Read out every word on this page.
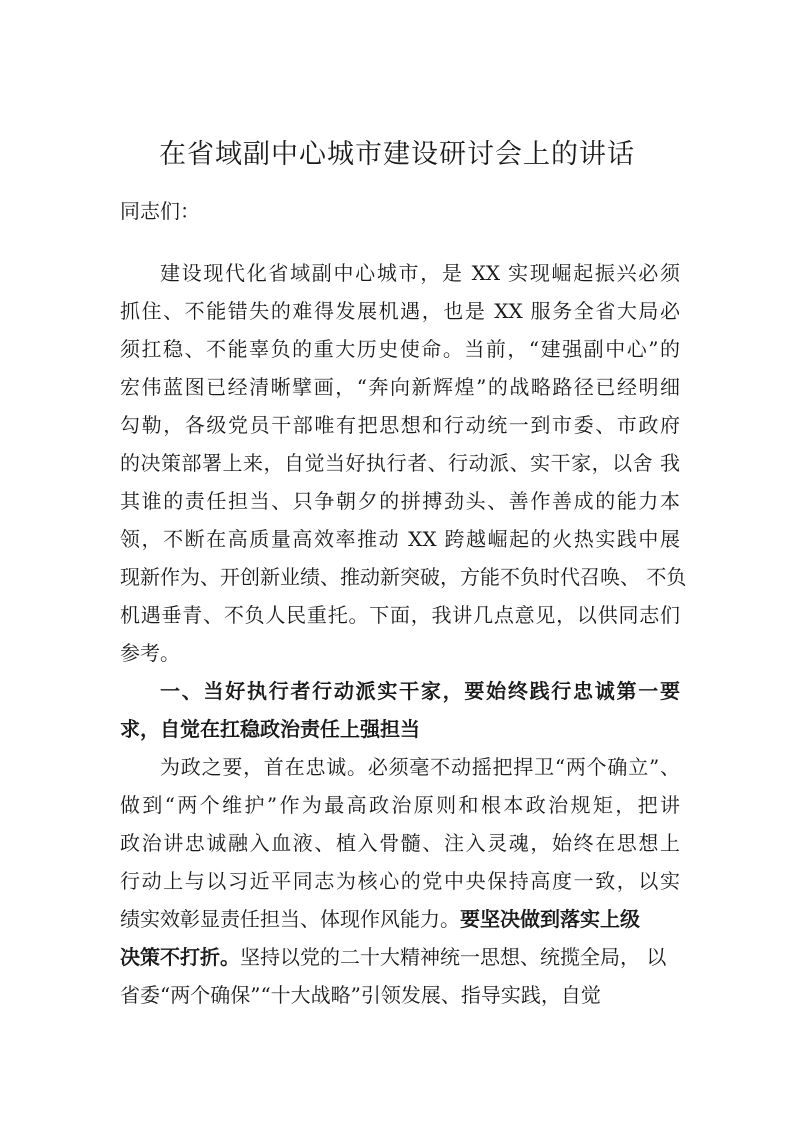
在省域副中心城市建设研讨会上的讲话
同志们：
建设现代化省域副中心城市，是 XX 实现崛起振兴必须
抓住、不能错失的难得发展机遇，也是 XX 服务全省大局必
须扛稳、不能辜负的重大历史使命。当前，“建强副中心”的
宏伟蓝图已经清晰擘画，“奔向新辉煌”的战略路径已经明细
勾勒，各级党员干部唯有把思想和行动统一到市委、市政府
的决策部署上来，自觉当好执行者、行动派、实干家，以舍 我
其谁的责任担当、只争朝夕的拼搏劲头、善作善成的能力本
领，不断在高质量高效率推动 XX 跨越崛起的火热实践中展
现新作为、开创新业绩、推动新突破，方能不负时代召唤、 不负
机遇垂青、不负人民重托。下面，我讲几点意见，以供同志们
参考。
一、当好执行者行动派实干家，要始终践行忠诚第一要
求，自觉在扛稳政治责任上强担当
为政之要，首在忠诚。必须毫不动摇把捍卫“两个确立”、
做到“两个维护”作为最高政治原则和根本政治规矩，把讲
政治讲忠诚融入血液、植入骨髓、注入灵魂，始终在思想上
行动上与以习近平同志为核心的党中央保持高度一致，以实
绩实效彰显责任担当、体现作风能力。要坚决做到落实上级
决策不打折。坚持以党的二十大精神统一思想、统揽全局， 以
省委“两个确保”“十大战略”引领发展、指导实践，自觉
